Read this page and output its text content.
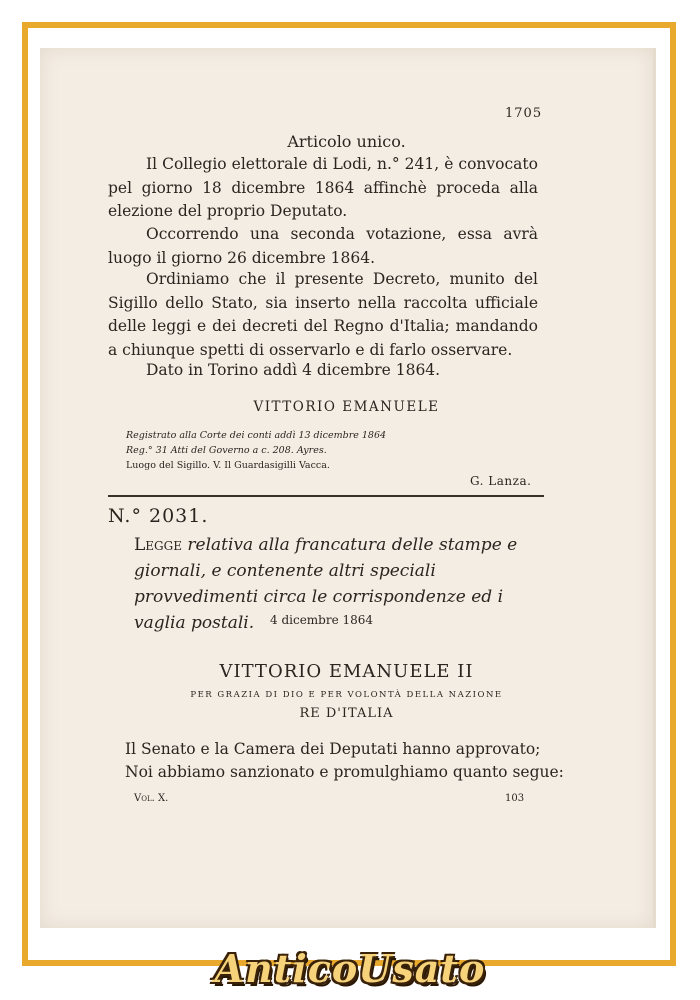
1705
Articolo unico.
Il Collegio elettorale di Lodi, n.° 241, è convocato pel giorno 18 dicembre 1864 affinchè proceda alla elezione del proprio Deputato.
Occorrendo una seconda votazione, essa avrà luogo il giorno 26 dicembre 1864.
Ordiniamo che il presente Decreto, munito del Sigillo dello Stato, sia inserto nella raccolta ufficiale delle leggi e dei decreti del Regno d'Italia; mandando a chiunque spetti di osservarlo e di farlo osservare.
Dato in Torino addì 4 dicembre 1864.
VITTORIO EMANUELE
Registrato alla Corte dei conti addì 13 dicembre 1864
Reg.° 31 Atti del Governo a c. 208. Ayres.
Luogo del Sigillo. V. Il Guardasigilli Vacca.
G. Lanza.
N.° 2031.
Legge relativa alla francatura delle stampe e giornali, e contenente altri speciali provvedimenti circa le corrispondenze ed i vaglia postali.	4 dicembre 1864
VITTORIO EMANUELE II
PER GRAZIA DI DIO E PER VOLONTÀ DELLA NAZIONE
RE D'ITALIA
Il Senato e la Camera dei Deputati hanno approvato;
Noi abbiamo sanzionato e promulghiamo quanto segue:
Vol. X.	103
AnticoUsato
